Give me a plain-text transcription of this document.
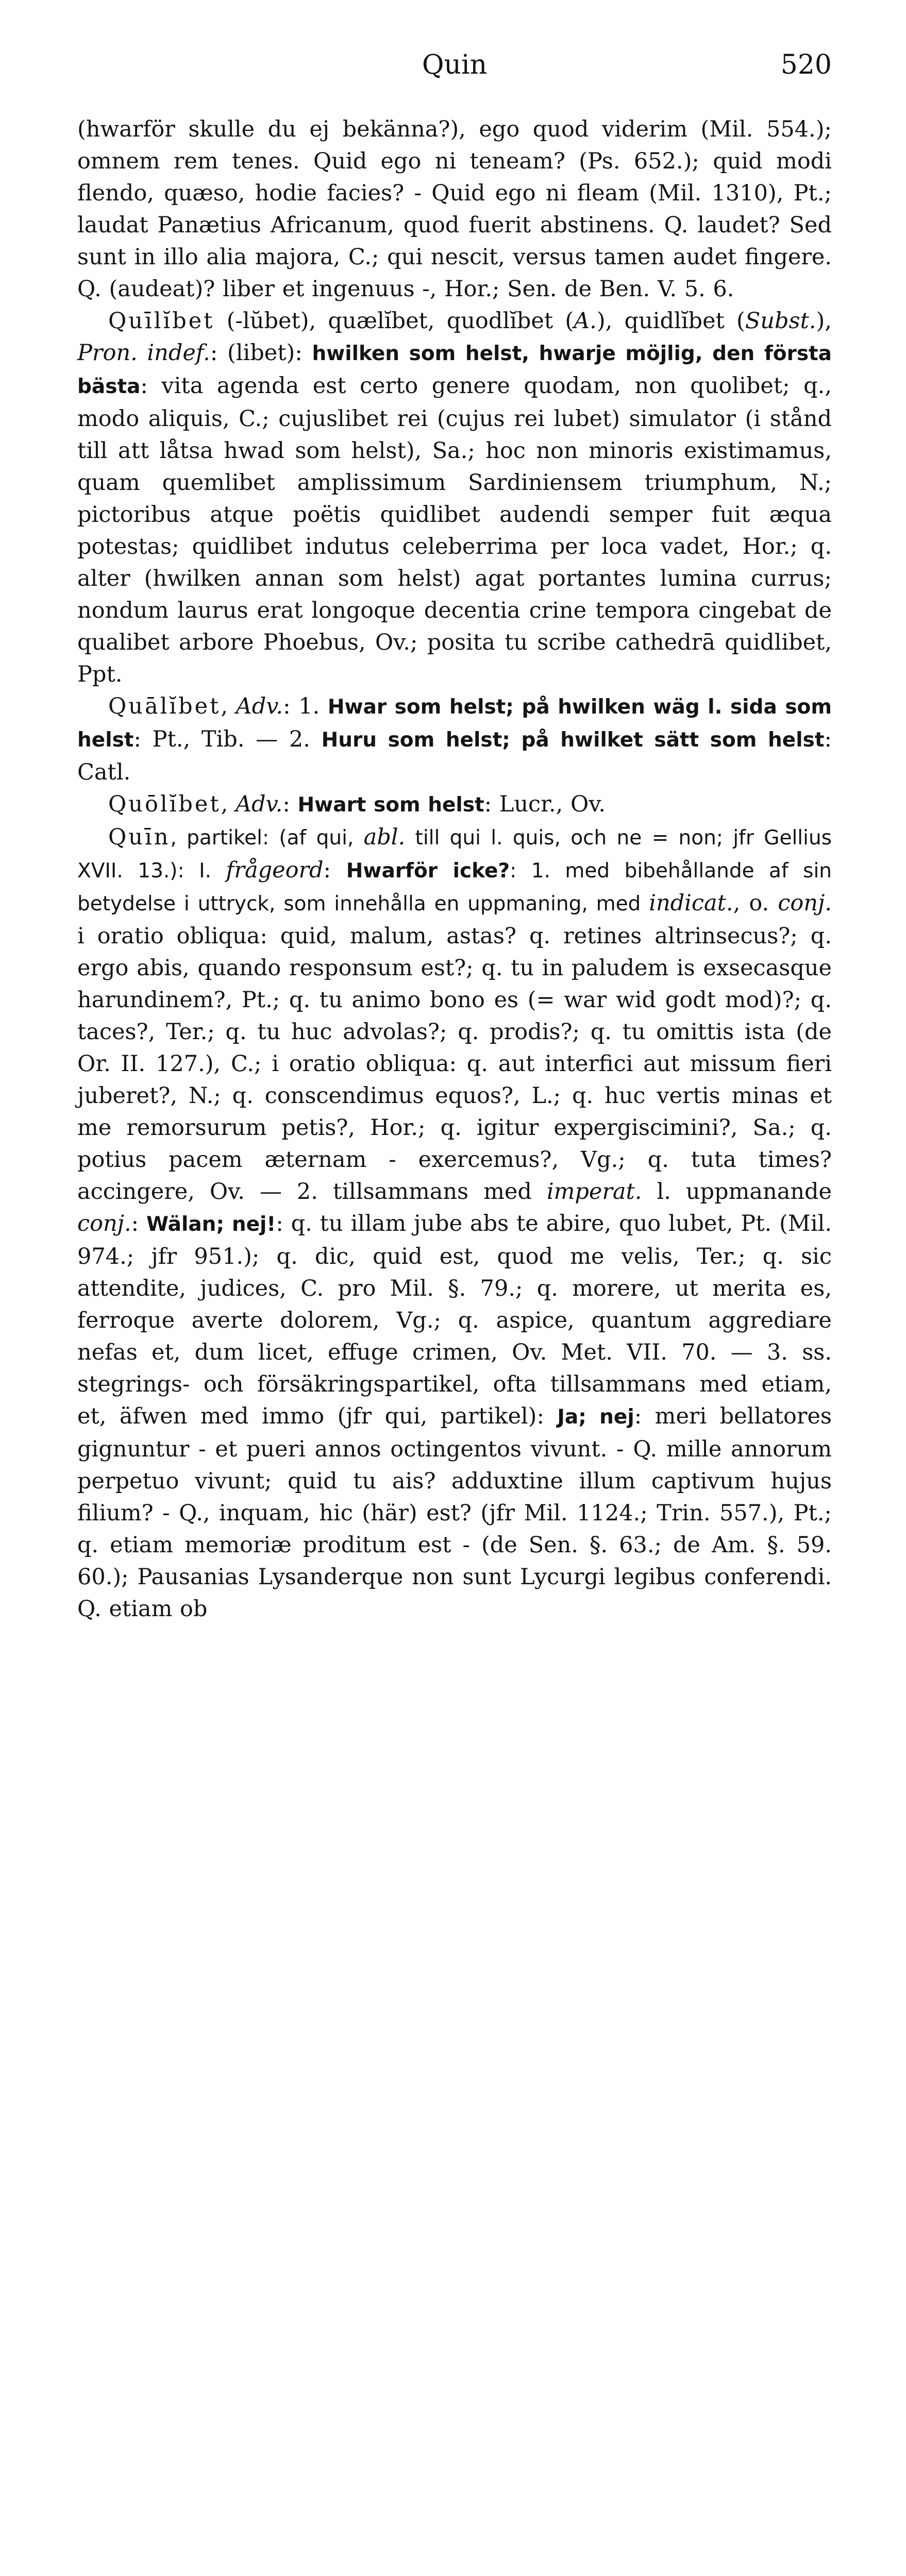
Quin	520

(hwarför skulle du ej bekänna?), ego quod viderim (Mil. 554.); omnem rem tenes. Quid ego ni teneam? (Ps. 652.); quid modi flendo, quæso, hodie facies? - Quid ego ni fleam (Mil. 1310), Pt.; laudat Panætius Africanum, quod fuerit abstinens. Q. laudet? Sed sunt in illo alia majora, C.; qui nescit, versus tamen audet fingere. Q. (audeat)? liber et ingenuus -, Hor.; Sen. de Ben. V. 5. 6.

Quīlĭbet (-lŭbet), quælĭbet, quodlĭbet (A.), quidlĭbet (Subst.), Pron. indef.: (libet): hwilken som helst, hwarje möjlig, den första bästa: vita agenda est certo genere quodam, non quolibet; q., modo aliquis, C.; cujuslibet rei (cujus rei lubet) simulator (i stånd till att låtsa hwad som helst), Sa.; hoc non minoris existimamus, quam quemlibet amplissimum Sardiniensem triumphum, N.; pictoribus atque poëtis quidlibet audendi semper fuit æqua potestas; quidlibet indutus celeberrima per loca vadet, Hor.; q. alter (hwilken annan som helst) agat portantes lumina currus; nondum laurus erat longoque decentia crine tempora cingebat de qualibet arbore Phoebus, Ov.; posita tu scribe cathedrā quidlibet, Ppt.

Quālĭbet, Adv.: 1. Hwar som helst; på hwilken wäg l. sida som helst: Pt., Tib. — 2. Huru som helst; på hwilket sätt som helst: Catl.

Quōlĭbet, Adv.: Hwart som helst: Lucr., Ov.

Quīn, partikel: (af qui, abl. till qui l. quis, och ne = non; jfr Gellius XVII. 13.): I. frågeord: Hwarför icke?: 1. med bibehållande af sin betydelse i uttryck, som innehålla en uppmaning, med indicat., o. conj. i oratio obliqua: quid, malum, astas? q. retines altrinsecus?; q. ergo abis, quando responsum est?; q. tu in paludem is exsecasque harundinem?, Pt.; q. tu animo bono es (= war wid godt mod)?; q. taces?, Ter.; q. tu huc advolas?; q. prodis?; q. tu omittis ista (de Or. II. 127.), C.; i oratio obliqua: q. aut interfici aut missum fieri juberet?, N.; q. conscendimus equos?, L.; q. huc vertis minas et me remorsurum petis?, Hor.; q. igitur expergiscimini?, Sa.; q. potius pacem æternam - exercemus?, Vg.; q. tuta times? accingere, Ov. — 2. tillsammans med imperat. l. uppmanande conj.: Wälan; nej!: q. tu illam jube abs te abire, quo lubet, Pt. (Mil. 974.; jfr 951.); q. dic, quid est, quod me velis, Ter.; q. sic attendite, judices, C. pro Mil. §. 79.; q. morere, ut merita es, ferroque averte dolorem, Vg.; q. aspice, quantum aggrediare nefas et, dum licet, effuge crimen, Ov. Met. VII. 70. — 3. ss. stegrings- och försäkringspartikel, ofta tillsammans med etiam, et, äfwen med immo (jfr qui, partikel): Ja; nej: meri bellatores gignuntur - et pueri annos octingentos vivunt. - Q. mille annorum perpetuo vivunt; quid tu ais? adduxtine illum captivum hujus filium? - Q., inquam, hic (här) est? (jfr Mil. 1124.; Trin. 557.), Pt.; q. etiam memoriæ proditum est - (de Sen. §. 63.; de Am. §. 59. 60.); Pausanias Lysanderque non sunt Lycurgi legibus conferendi. Q. etiam ob
